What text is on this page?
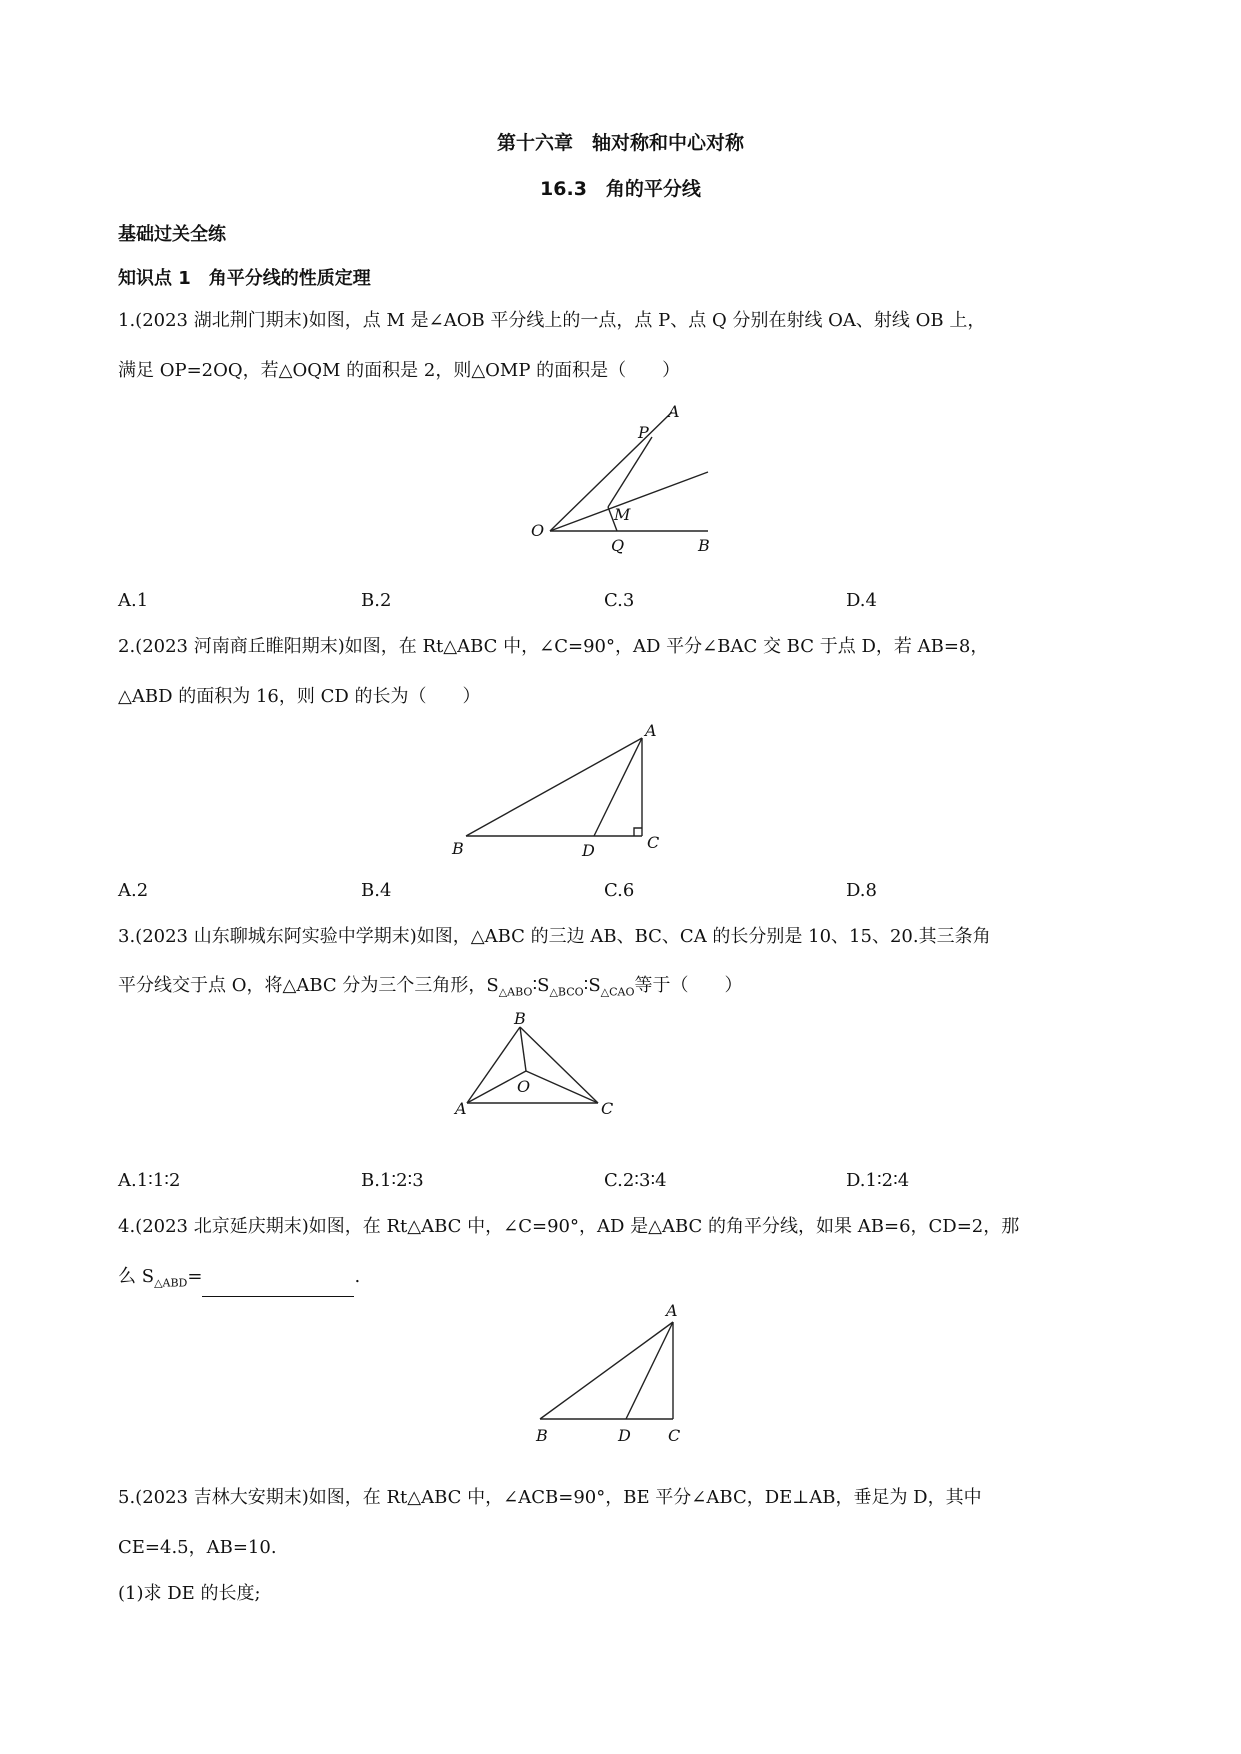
第十六章　轴对称和中心对称
16.3　角的平分线
基础过关全练
知识点 1　角平分线的性质定理
1.(2023 湖北荆门期末)如图，点 M 是∠AOB 平分线上的一点，点 P、点 Q 分别在射线 OA、射线 OB 上，
满足 OP=2OQ，若△OQM 的面积是 2，则△OMP 的面积是（　　）
A
P
M
O
Q	B
A.1	B.2	C.3	D.4
2.(2023 河南商丘睢阳期末)如图，在 Rt△ABC 中，∠C=90°，AD 平分∠BAC 交 BC 于点 D，若 AB=8，
△ABD 的面积为 16，则 CD 的长为（　　）
A
B	D	C
A.2	B.4	C.6	D.8
3.(2023 山东聊城东阿实验中学期末)如图，△ABC 的三边 AB、BC、CA 的长分别是 10、15、20.其三条角
平分线交于点 O，将△ABC 分为三个三角形，$S_{\triangle ABO}∶S_{\triangle BCO}∶S_{\triangle CAO}$等于（　　）
B
O
A	C
A.1∶1∶2	B.1∶2∶3	C.2∶3∶4	D.1∶2∶4
4.(2023 北京延庆期末)如图，在 Rt△ABC 中，∠C=90°，AD 是△ABC 的角平分线，如果 AB=6，CD=2，那
么 $S_{\triangle ABD}=$	.
A
B	D C
5.(2023 吉林大安期末)如图，在 Rt△ABC 中，∠ACB=90°，BE 平分∠ABC，DE⊥AB，垂足为 D，其中
CE=4.5，AB=10.
(1)求 DE 的长度;
